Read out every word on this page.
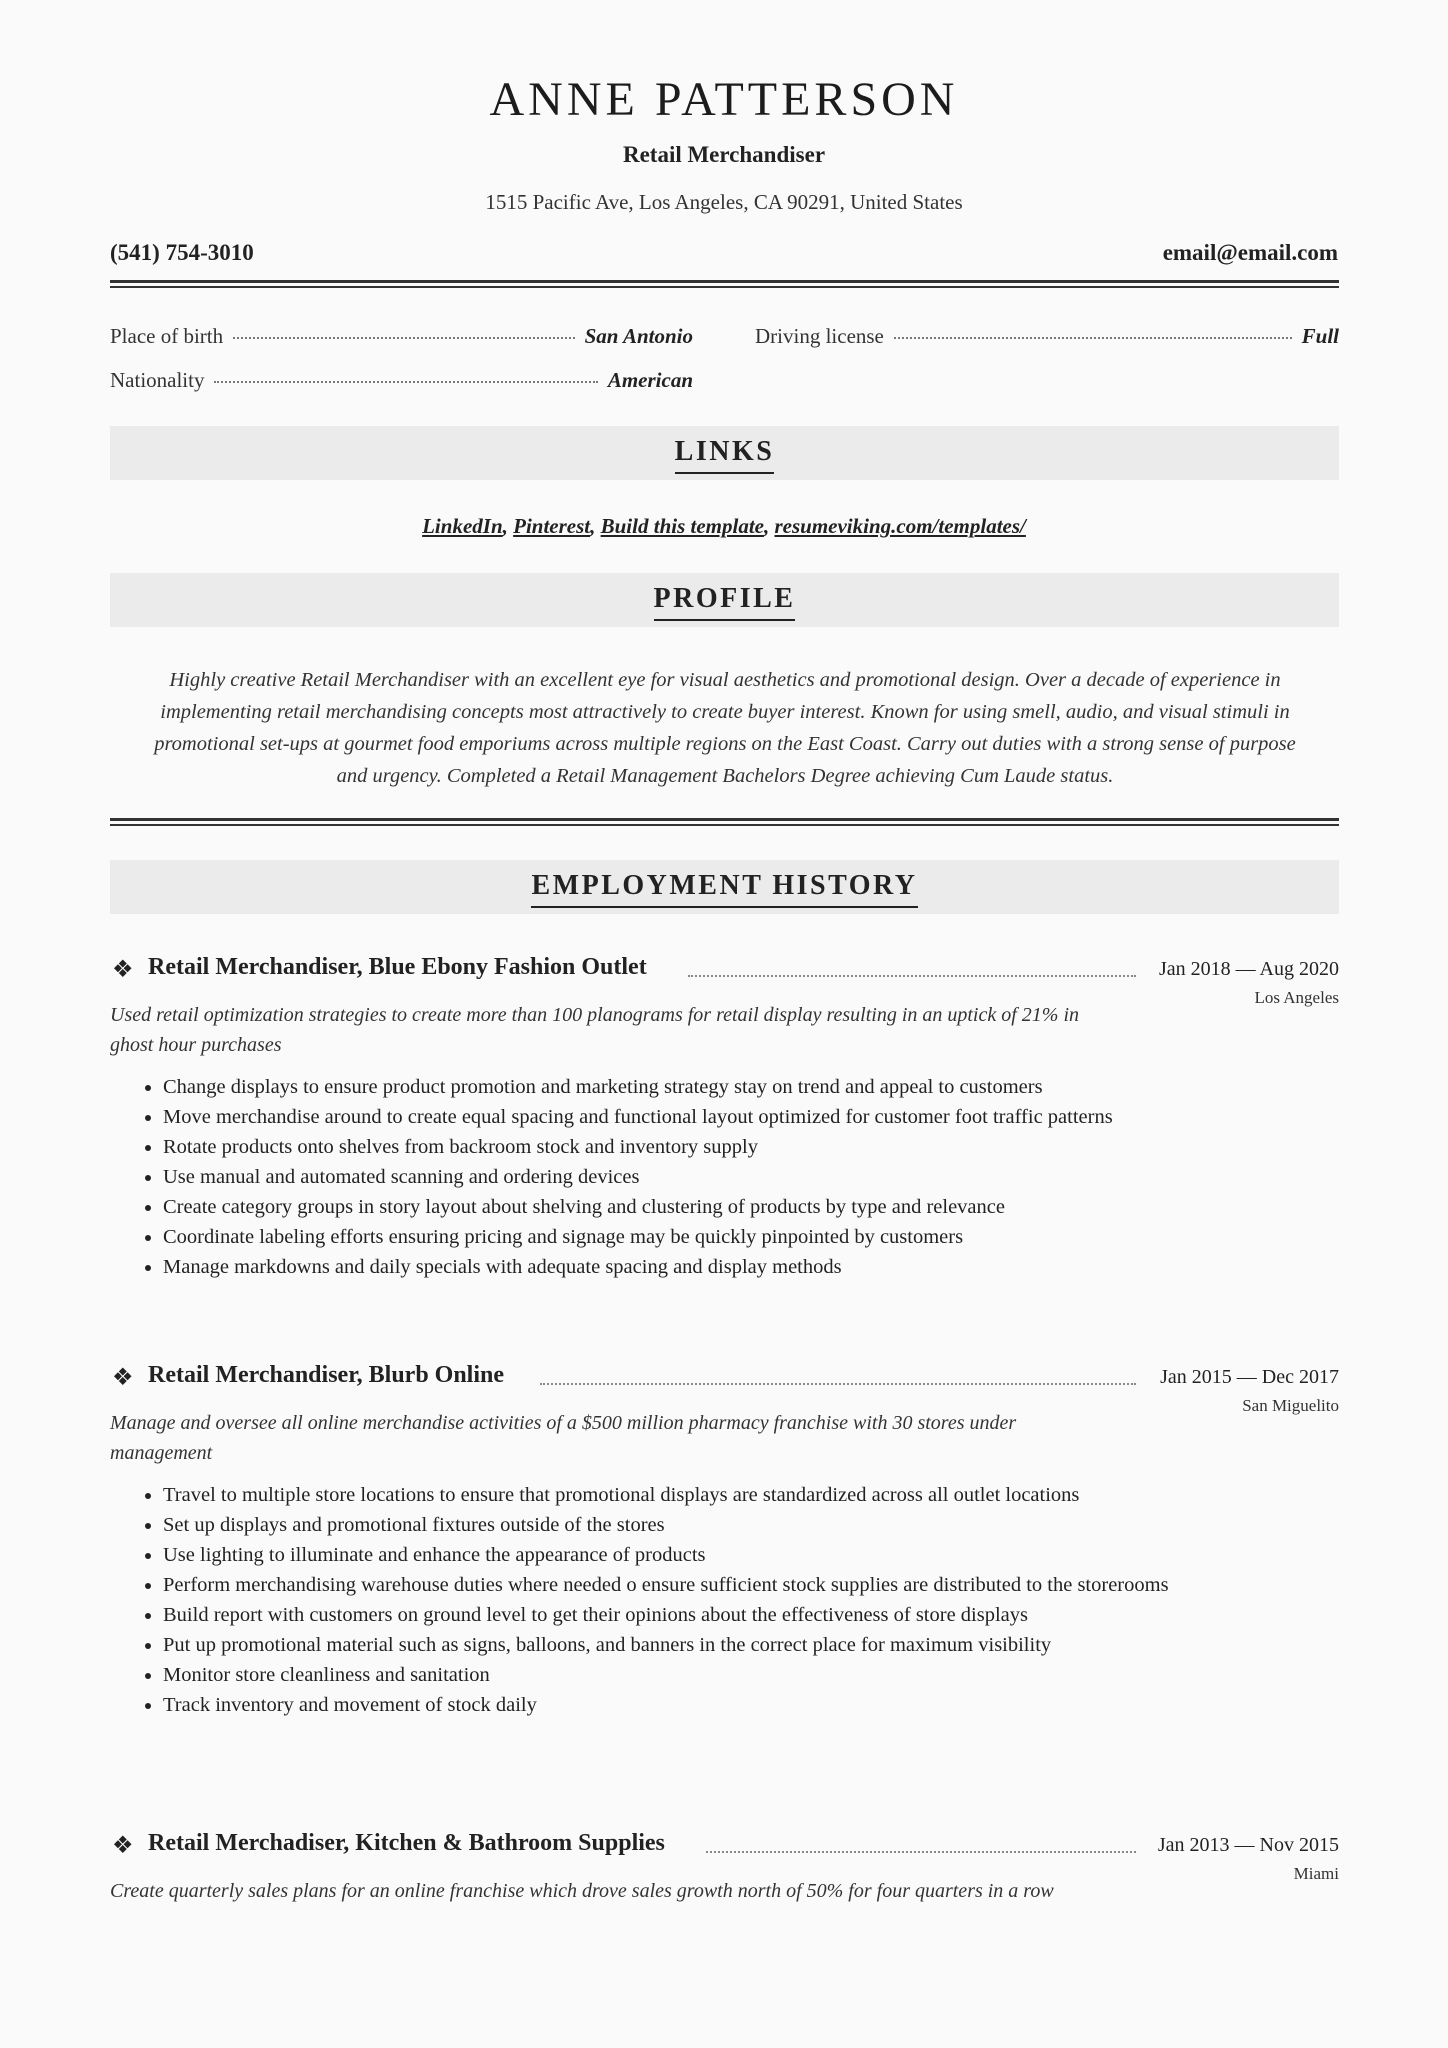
ANNE PATTERSON
Retail Merchandiser
1515 Pacific Ave, Los Angeles, CA 90291, United States
(541) 754-3010	email@email.com
Place of birth	San Antonio
Nationality	American
Driving license	Full
LINKS
LinkedIn, Pinterest, Build this template, resumeviking.com/templates/
PROFILE
Highly creative Retail Merchandiser with an excellent eye for visual aesthetics and promotional design. Over a decade of experience in implementing retail merchandising concepts most attractively to create buyer interest. Known for using smell, audio, and visual stimuli in promotional set-ups at gourmet food emporiums across multiple regions on the East Coast. Carry out duties with a strong sense of purpose and urgency. Completed a Retail Management Bachelors Degree achieving Cum Laude status.
EMPLOYMENT HISTORY
❖ Retail Merchandiser, Blue Ebony Fashion Outlet	Jan 2018 — Aug 2020
Los Angeles
Used retail optimization strategies to create more than 100 planograms for retail display resulting in an uptick of 21% in ghost hour purchases
• Change displays to ensure product promotion and marketing strategy stay on trend and appeal to customers
• Move merchandise around to create equal spacing and functional layout optimized for customer foot traffic patterns
• Rotate products onto shelves from backroom stock and inventory supply
• Use manual and automated scanning and ordering devices
• Create category groups in story layout about shelving and clustering of products by type and relevance
• Coordinate labeling efforts ensuring pricing and signage may be quickly pinpointed by customers
• Manage markdowns and daily specials with adequate spacing and display methods
❖ Retail Merchandiser, Blurb Online	Jan 2015 — Dec 2017
San Miguelito
Manage and oversee all online merchandise activities of a $500 million pharmacy franchise with 30 stores under management
• Travel to multiple store locations to ensure that promotional displays are standardized across all outlet locations
• Set up displays and promotional fixtures outside of the stores
• Use lighting to illuminate and enhance the appearance of products
• Perform merchandising warehouse duties where needed o ensure sufficient stock supplies are distributed to the storerooms
• Build report with customers on ground level to get their opinions about the effectiveness of store displays
• Put up promotional material such as signs, balloons, and banners in the correct place for maximum visibility
• Monitor store cleanliness and sanitation
• Track inventory and movement of stock daily
❖ Retail Merchadiser, Kitchen & Bathroom Supplies	Jan 2013 — Nov 2015
Miami
Create quarterly sales plans for an online franchise which drove sales growth north of 50% for four quarters in a row
